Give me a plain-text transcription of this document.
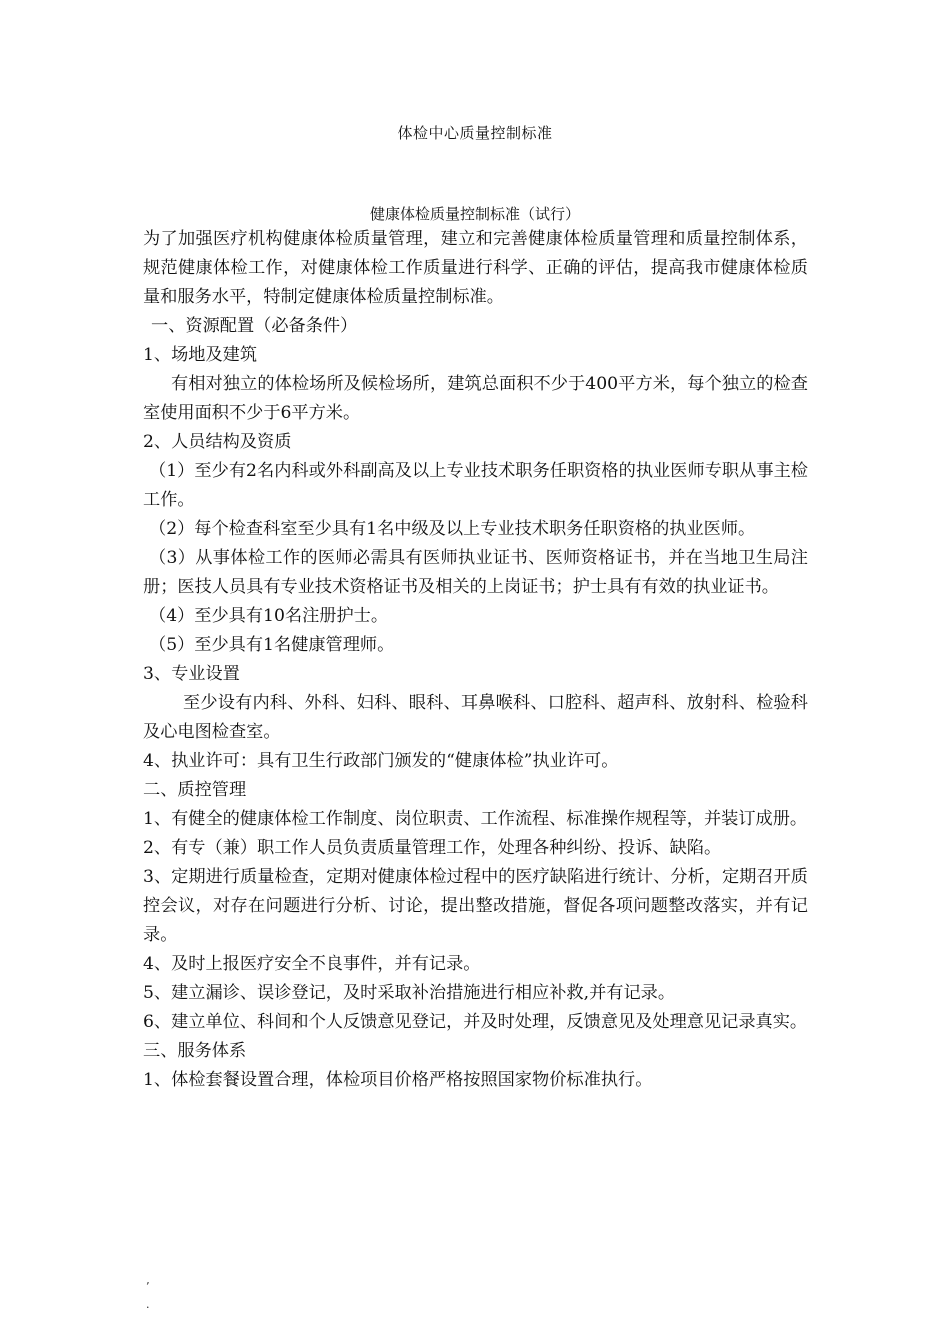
体检中心质量控制标准
健康体检质量控制标准（试行）

为了加强医疗机构健康体检质量管理，建立和完善健康体检质量管理和质量控制体系，规范健康体检工作，对健康体检工作质量进行科学、正确的评估，提高我市健康体检质量和服务水平，特制定健康体检质量控制标准。

一、资源配置（必备条件）

1、场地及建筑

有相对独立的体检场所及候检场所，建筑总面积不少于400平方米，每个独立的检查室使用面积不少于6平方米。

2、人员结构及资质

（1）至少有2名内科或外科副高及以上专业技术职务任职资格的执业医师专职从事主检工作。

（2）每个检查科室至少具有1名中级及以上专业技术职务任职资格的执业医师。

（3）从事体检工作的医师必需具有医师执业证书、医师资格证书，并在当地卫生局注册；医技人员具有专业技术资格证书及相关的上岗证书；护士具有有效的执业证书。

（4）至少具有10名注册护士。

（5）至少具有1名健康管理师。

3、专业设置

至少设有内科、外科、妇科、眼科、耳鼻喉科、口腔科、超声科、放射科、检验科及心电图检查室。

4、执业许可：具有卫生行政部门颁发的“健康体检”执业许可。

二、质控管理

1、有健全的健康体检工作制度、岗位职责、工作流程、标准操作规程等，并装订成册。

2、有专（兼）职工作人员负责质量管理工作，处理各种纠纷、投诉、缺陷。

3、定期进行质量检查，定期对健康体检过程中的医疗缺陷进行统计、分析，定期召开质控会议，对存在问题进行分析、讨论，提出整改措施，督促各项问题整改落实，并有记录。

4、及时上报医疗安全不良事件，并有记录。

5、建立漏诊、误诊登记，及时采取补治措施进行相应补救,并有记录。

6、建立单位、科间和个人反馈意见登记，并及时处理，反馈意见及处理意见记录真实。

三、服务体系

1、体检套餐设置合理，体检项目价格严格按照国家物价标准执行。

’
.
